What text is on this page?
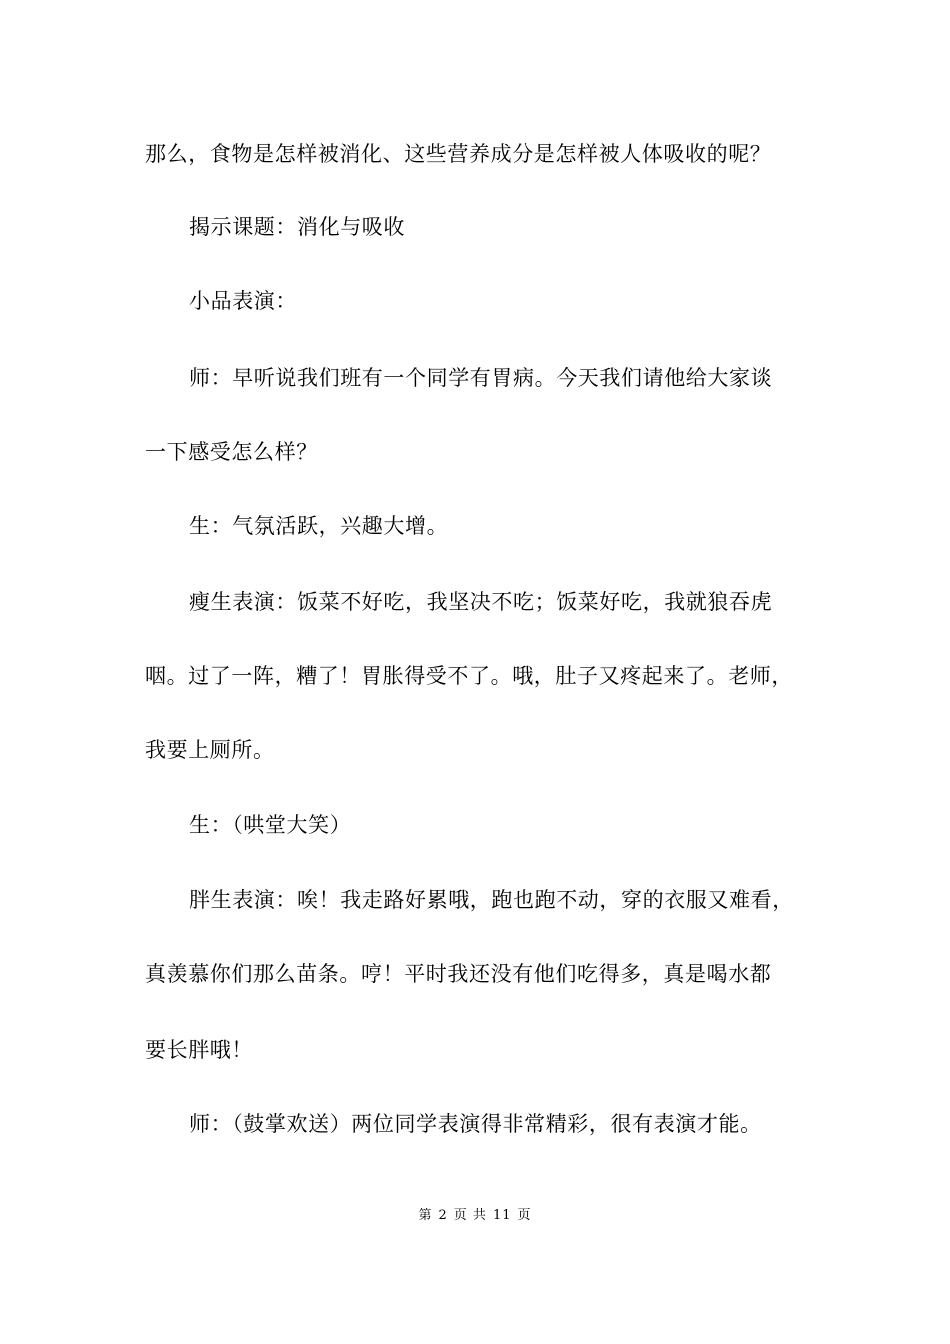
那么，食物是怎样被消化、这些营养成分是怎样被人体吸收的呢？
揭示课题：消化与吸收
小品表演：
师：早听说我们班有一个同学有胃病。今天我们请他给大家谈
一下感受怎么样？
生：气氛活跃，兴趣大增。
瘦生表演：饭菜不好吃，我坚决不吃；饭菜好吃，我就狼吞虎
咽。过了一阵，糟了！胃胀得受不了。哦，肚子又疼起来了。老师，
我要上厕所。
生：（哄堂大笑）
胖生表演：唉！我走路好累哦，跑也跑不动，穿的衣服又难看，
真羡慕你们那么苗条。哼！平时我还没有他们吃得多，真是喝水都
要长胖哦！
师：（鼓掌欢送）两位同学表演得非常精彩，很有表演才能。
第 2 页 共 11 页
